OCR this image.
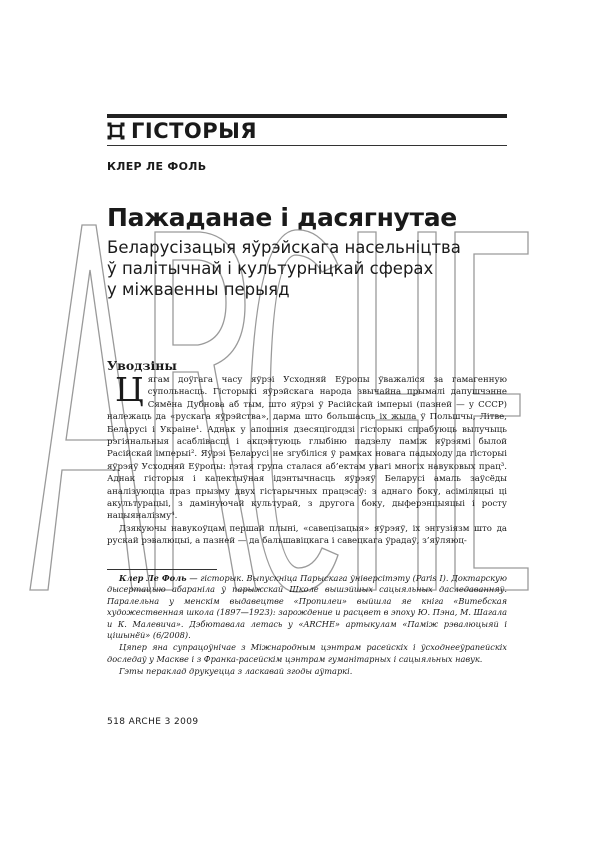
ГІСТОРЫЯ
КЛЕР ЛЕ ФОЛЬ
Пажаданае і дасягнутае
Беларусізацыя яўрэйскага насельніцтва
ў палітычнай і культурніцкай сферах
у міжваенны перыяд
Уводзіны

Цягам доўгага часу яўрэі Усходняй Еўропы ўважаліся за гамагенную супольнасць. Гісторыкі яўрэйскага народа звычайна прымалі дапушчэнне Сямёна Дубнова аб тым, што яўрэі ў Расійскай імперыі (пазней — у СССР) належаць да «рускага яўрэйства», дарма што большасць іх жыла ў Польшчы, Літве, Беларусі і Украіне¹. Аднак у апошнія дзесяцігоддзі гісторыкі спрабуюць вылучыць рэгіянальныя асаблівасці і акцэнтуюць глыбіню падзелу паміж яўрэямі былой Расійскай імперыі². Яўрэі Беларусі не згубіліся ў рамках новага падыходу да гісторыі яўрэяў Усходняй Еўропы: гэтая група сталася аб’ектам увагі многіх навуковых прац³. Аднак гісторыя і калектыўная ідэнтычнасць яўрэяў Беларусі амаль заўсёды аналізуюцца праз прызму двух гістарычных працэсаў: з аднаго боку, асіміляцыі ці акультурацыі, з дамінуючай культурай, з другога боку, дыферэнцыяцыі і росту нацыяналізму⁴.

Дзякуючы навукоўцам першай плыні, «савецізацыя» яўрэяў, іх энтузіязм што да рускай рэвалюцыі, а пазней — да бальшавіцкага і савецкага ўрадаў, з’яўляюц-

Клер Ле Фоль — гісторык. Выпускніца Парыскага ўніверсітэту (Paris I). Доктарскую дысертацыю абараніла ў парыжскай Школе вышэйшых сацыяльных даследаванняў. Паралельна у менскім выдавецтве «Пропилеи» выйшла яе кніга «Витебская художественная школа (1897—1923): зарождение и расцвет в эпоху Ю. Пэна, М. Шагала и К. Малевича». Дэбютавала летась у «ARCHE» артыкулам «Паміж рэвалюцыяй і цішынёй» (6/2008).

Цяпер яна супрацоўнічае з Міжнародным цэнтрам расейскіх і ўсходнееўрапейскіх доследаў у Маскве і з Франка-расейскім цэнтрам гуманітарных і сацыяльных навук.

Гэты пераклад друкуецца з ласкавай згоды аўтаркі.

518 ARCHE 3 2009
